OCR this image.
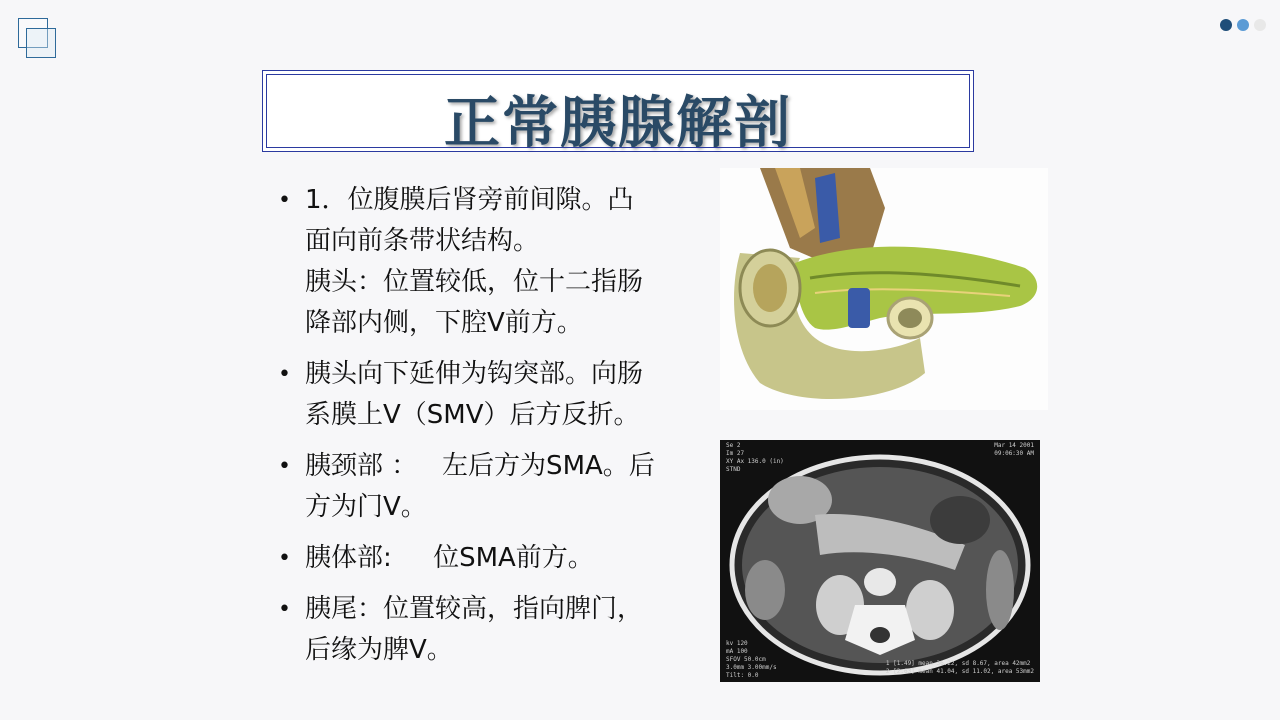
正常胰腺解剖
• 1．位腹膜后肾旁前间隙。凸
面向前条带状结构。
胰头：位置较低，位十二指肠
降部内侧，下腔V前方。
• 胰头向下延伸为钩突部。向肠
系膜上V（SMV）后方反折。
• 胰颈部 ：   左后方为SMA。后
方为门V。
• 胰体部:     位SMA前方。
• 胰尾：位置较高，指向脾门，
后缘为脾V。
Se 2
Im 27
XY Ax 136.0 (in)
STND
Mar 14 2001
09:06:30 AM
kv 120
mA 100
SFOV 50.0cm
3.0mm 3.00mm/s
Tilt: 0.0
1 [1.49] mean 36.22, sd 8.67, area 42mm2
2 [2.63] mean 41.04, sd 11.02, area 53mm2
